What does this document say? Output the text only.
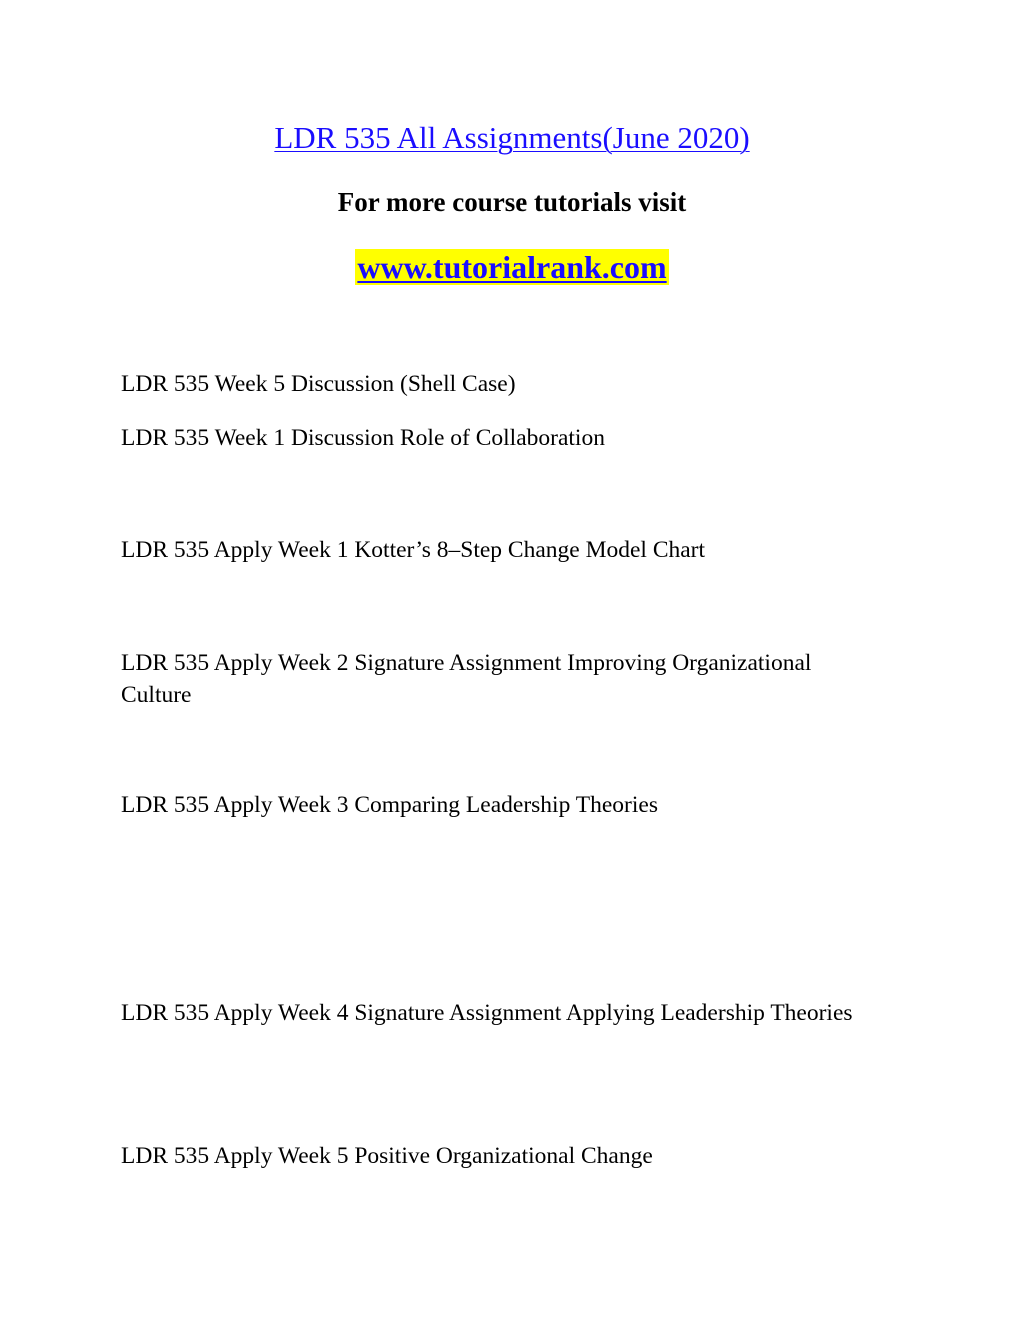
LDR 535 All Assignments(June 2020)
For more course tutorials visit
www.tutorialrank.com
LDR 535 Week 5 Discussion (Shell Case)
LDR 535 Week 1 Discussion Role of Collaboration
LDR 535 Apply Week 1 Kotter’s 8–Step Change Model Chart
LDR 535 Apply Week 2 Signature Assignment Improving Organizational Culture
LDR 535 Apply Week 3 Comparing Leadership Theories
LDR 535 Apply Week 4 Signature Assignment Applying Leadership Theories
LDR 535 Apply Week 5 Positive Organizational Change
